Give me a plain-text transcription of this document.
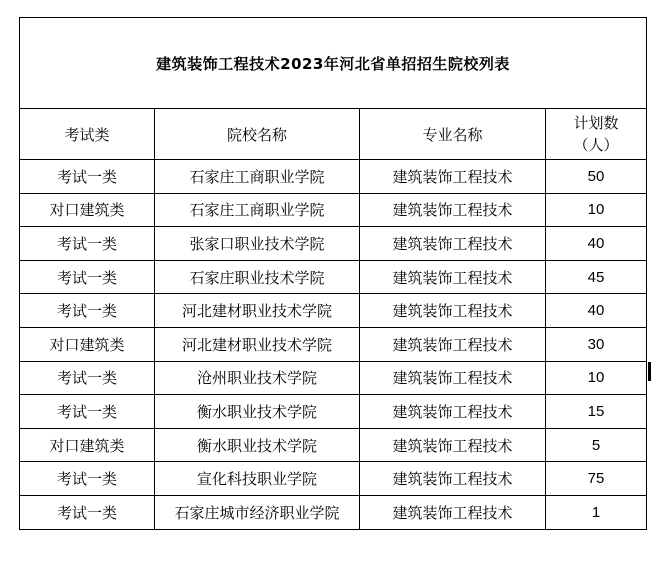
建筑装饰工程技术2023年河北省单招招生院校列表			
考试类	院校名称	专业名称	计划数
（人）
考试一类	石家庄工商职业学院	建筑装饰工程技术	50
对口建筑类	石家庄工商职业学院	建筑装饰工程技术	10
考试一类	张家口职业技术学院	建筑装饰工程技术	40
考试一类	石家庄职业技术学院	建筑装饰工程技术	45
考试一类	河北建材职业技术学院	建筑装饰工程技术	40
对口建筑类	河北建材职业技术学院	建筑装饰工程技术	30
考试一类	沧州职业技术学院	建筑装饰工程技术	10
考试一类	衡水职业技术学院	建筑装饰工程技术	15
对口建筑类	衡水职业技术学院	建筑装饰工程技术	5
考试一类	宣化科技职业学院	建筑装饰工程技术	75
考试一类	石家庄城市经济职业学院	建筑装饰工程技术	1
